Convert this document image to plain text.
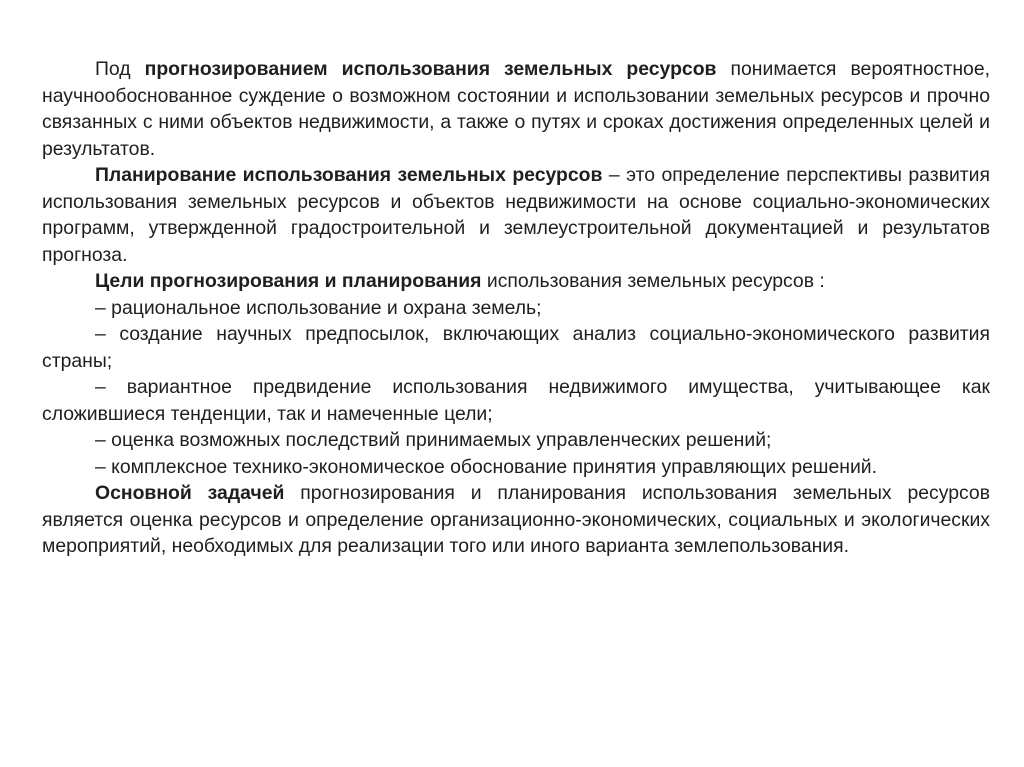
Под прогнозированием использования земельных ресурсов понимается вероятностное, научнообоснованное суждение о возможном состоянии и использовании земельных ресурсов и прочно связанных с ними объектов недвижимости, а также о путях и сроках достижения определенных целей и результатов.

Планирование использования земельных ресурсов – это определение перспективы развития использования земельных ресурсов и объектов недвижимости на основе социально-экономических программ, утвержденной градостроительной и землеустроительной документацией и результатов прогноза.

Цели прогнозирования и планирования использования земельных ресурсов :

– рациональное использование и охрана земель;

– создание научных предпосылок, включающих анализ социально-экономического развития страны;

– вариантное предвидение использования недвижимого имущества, учитывающее как сложившиеся тенденции, так и намеченные цели;

– оценка возможных последствий принимаемых управленческих решений;

– комплексное технико-экономическое обоснование принятия управляющих решений.

Основной задачей прогнозирования и планирования использования земельных ресурсов является оценка ресурсов и определение организационно-экономических, социальных и экологических мероприятий, необходимых для реализации того или иного варианта землепользования.
